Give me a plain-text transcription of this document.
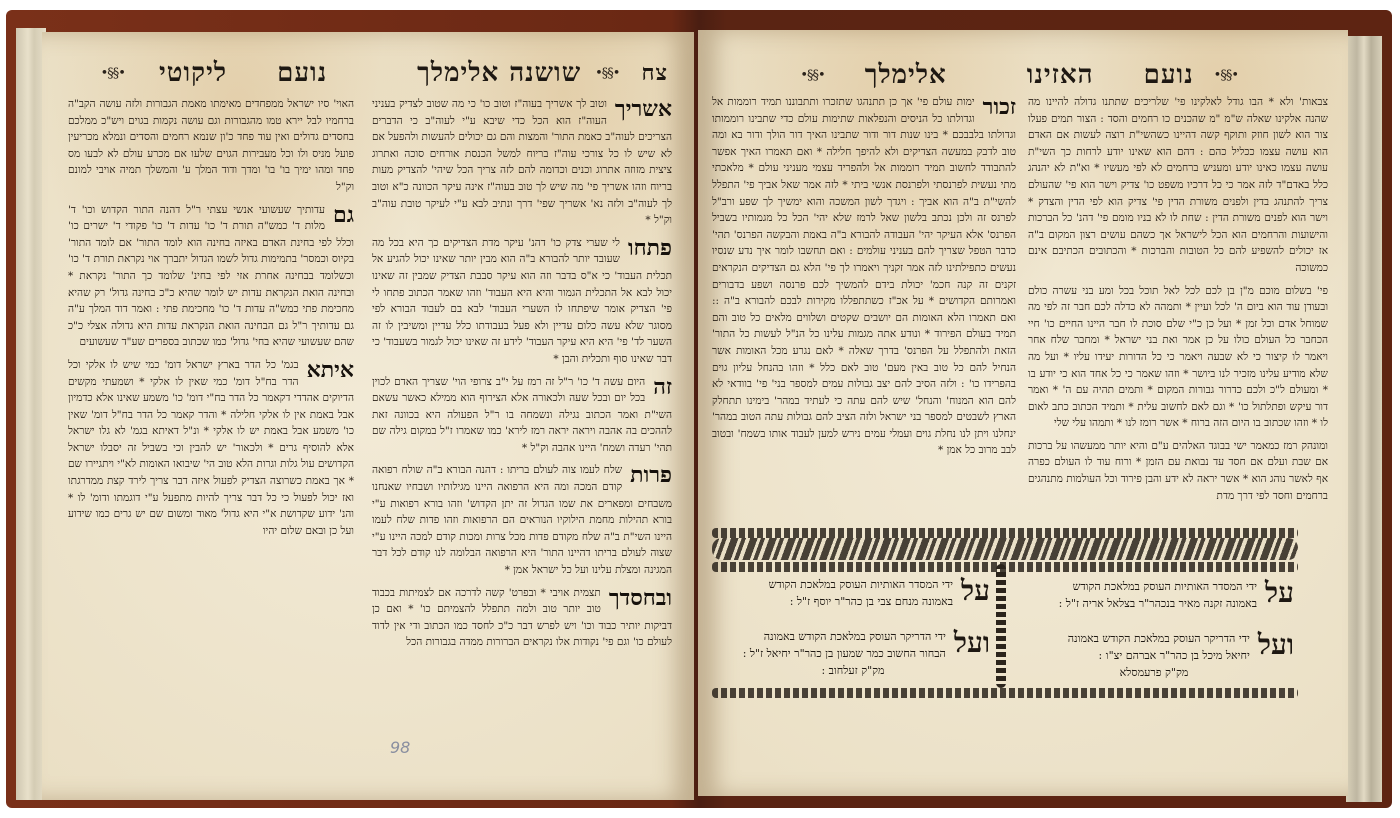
צח
•§§•
שושנה אלימלך
נועם ליקוטי
•§§•

האוי' סיו ישראל ממפחדים מאימתו מאמת הגבורות ולזה עושה הקב"ה ברחמיו לבל יירא טמו מהגבורות וגם עושה נקמות בגוים ויש"כ ממלכם בחסדים גדולים ואין עוד פחד כ'ון שנמא רחמים והסדים ונמלא מכריעין פועל מניס ולו וכל מעבירות הגוים שלעו אם מכרע עולם לא לבעו מס פחד ומהו ימיך בו' בו' ומדך ודוד המלך ע' והמשלך תמיה אויבי למונם וק"ל

גם
עדותיך שעשועי אנשי עצתי ר"ל דהנה התור הקדוש וכו' ד' מלות ד' כמש"ה תורת ד' כו' עדות ד' כו' פקודי ד' ישרים כו' וכלל לפי בחינת האדם באיזה בחינה הוא לומד התור' אם לומד התור' בקיוס וכמסר' בתמימות גדול לשמו הגדול יתברך אוי נקראת תורת ד' כו' וכשלומד בבחינה אחרת אזי לפי בחינ' שלומד כך התור' נקראת * ובחינה הואת הנקראת עדות יש לומר שהיא כ"כ בחינה גדול' רק שהיא מחכימת פתי כמש"ה עדות ד' כו' מחכימת פתי : ואמר דוד המלך ע"ה גם עדותיך ר"ל גם הבחינה הואת הנקראת עדות היא גדולה אצלי כ"כ שהם שעשועי שהיא בחי' גדול' כמו שכתוב בספרים שע"ד שעשועים

איתא
בגמ' כל הדר בארץ ישראל דומ' כמי שיש לו אלקי וכל הדר בח"ל דומ' כמי שאין לו אלקי * ושמעתי מקשים הדיוקים אהדדי דקאמר כל הדר בח"י דומ' כו' משמע שאינו אלא כדמיון אבל באמת אין לו אלקי חלילה * והדר קאמר כל הדר בח"ל דומ' שאין כו' משמע אבל באמת יש לו אלקי * ונ"ל דאיתא בגמ' לא גלו ישראל אלא להוסיף גרים * ולכאור' יש להבין וכי בשביל זה יסבלו ישראל הקדושים עול גלות וגרות הלא טוב הי' שיבואו האומות לא"י ויתגיירו שם * אך באמת כשרוצה הצדיק לפעול איזה דבר צריך לירד קצת ממדרגתו ואז יכול לפעול כי כל דבר צריך להיות מתפעל ע"י דוגמתו ודומ' לו * והנ' ידוע שקדושת א"י היא גדול' מאוד ומשום שם יש גרים כמו שידוע ועל כן ובאם שלום יהיו

אשריך
וטוב לך אשריך בעוה"ז וטוב כו' כי מה שטוב לצדיק בעניני העוה"ז הוא הכל כדי שיבא ע"י לעוה"ב כי הדברים הצריכים לעוה"ב כאמת התור' והמצות והם גם יכולים להעשות ולהפעל אם לא שיש לו כל צורכי עוה"ז בריוח למשל הכנסת אורחים סוכה ואתרוג ציצית מזוזה אתרוג וכנים וכדומה להם לזה צריך הכל שיהי' להצדיק מעות בריוח וזהו אשריך פי' מה שיש לך טוב בעוה"ז אינה עיקר הכוונה כ"א וטוב לך לעוה"ב ולזה נא' אשריך שפי' דרך ונתיב לבא ע"י לעיקר טובת עוה"ב וק"ל *

פתחו
לי שערי צדק כו' דהנ' עיקר מדת הצדיקים כך היא בכל מה שעובד יותר להבורא ב"ה הוא מבין יותר שאינו יכול להגיע אל תכלית העבוד' כי א"ס בדבר וזה הוא עיקר סבבת הצדיק שמבין זה שאינו יכול לבא אל התכלית הגמור והיא היא העבוד' וזהו שאמר הכתוב פתחו לי פי' הצדיק אומר שיפתחו לו השערי העבוד' לבא בם לעבוד הבורא לפי מסוגר שלא עשה כלום עדיין ולא פעל בעבודתו כלל עדיין ומשיבין לו זה השער לד' פי' היא היא עיקר העבוד' לידע זה שאינו יכול לגמור בשעבוד' כי דבר שאינו סוף ותכלית והבן *

זה
היום עשה ד' כו' ר"ל זה רמז על י"ב צרופי הוי' שצריך האדם לכוין בכל יום ובכל שעה ולכאורה אלא הצירוף הוא ממילא כאשר עשאם השי"ת ואמר הכתוב נגילה ונשמחה בו ר"ל הפעולה היא בכוונה זאת לההכים בה אהבה ויראה יראה רמז לירא' כמו שאמרו ז"ל במקום גילה שם תהי' רעדה ושמח' היינו אהבה וק"ל *

פרות
שלח לעמו צוה לעולם בריתו : דהנה הבורא ב"ה שולח רפואה קודם המכה ומה היא הרפואה היינו מגילותיו ושבחיו שאנחנו משבחים ומפארים את שמו הגדול זה יתן הקדוש' וזהו בורא רפואות ע"י בורא תהילות מחמת הילוקיו הנוראים הם הרפואות וזהו פדות שלח לעמו היינו השי"ת ב"ה שלח מקודם פדות מכל צרות ומכות קודם למכה היינו ע"י שצוה לעולם בריתו דהיינו התור' היא הרפואה הבלומה לנו קודם לכל דבר המגינה ומצלת עלינו ועל כל ישראל אמן *

ובחסדך
תצמית אויבי * ובפרט' קשה לדרכה אם לצמיתות בכבוד טוב יותר טוב ולמה תתפלל להצמיתם כו' * ואם כן דביקות יותיר כבוד וכו' ויש לפרש דבר כ"כ לחסד כמו הכתוב ודי אין לדוד לעולם כו' וגם פי' נקודות אלו נקראים הברורות ממדה בגבורות הכל

98
•§§•
נועם האזינו
אלימלך
•§§•

זכור
ימות עולם פי' אך כן תתנהגו שתזכרו ותתבוננו תמיד רוממות אל וגדולתו כל הניסים והנפלאות שתימות עולם כדי שתבינו רוממותו וגדולתו בלבבכם * בינו שנות דור ודור שתבינו האיך דור הולך ודור בא ומה טוב לדבק במעשה הצדיקים ולא להיפך חלילה * ואם תאמרו האיך אפשר להתבודד לחשוב תמיד רוממות אל ולהפריד עצמי מעניני עולם * מלאכתי מתי נעשית לפרנסתי ולפרנסת אנשי ביתי * לזה אמר שאל אביך פי' התפלל להשי"ת ב"ה הוא אביך : ויגדך לשון המשכה והוא ימשיך לך שפע ורב"ל לפרנס זה ולכן נכתב בלשון שאל לרמז שלא יהי' הכל כל מגמותיו בשביל הפרנס' אלא העיקר יהי' העבודה להבורא ב"ה באמת והבקשה הפרנס' תהי' כדבר הטפל שצריך להם בעניני עולמים : ואם תחשבו לומר איך נדע שנסיו נעשים כתפילתינו לזה אמר זקניך ויאמרו לך פי' הלא גם הצדיקים הנקראים זקנים זה קנה חכמ' יכולת בידם להמשיך לכם פרנסה ושפע בדבורים ואמרותם הקדושים * על אכ"ז כשתתפללו מקירות לבכם להבורא ב"ה :: ואם תאמרו הלא האומות הם יושבים שקטים ושלווים מלאים כל טוב והם תמיד בעולם הפירוד * ונודע אתה מגמות עלינו כל הנ"ל לעשות כל התור' הזאת ולהתפלל על הפרנס' בדרך שאלה * לאם נגרע מכל האומות אשר הנחיל להם כל טוב באין מעם' טוב לאם כלל * וזהו בהנחל עליון גוים בהפרידו כו' : ולזה הסיב להם יצב גבולות עמים למספר בני' פי' בוודאי לא להם הוא המנוח' והנחל' שיש להם עתה כי לעתיד במהר' בימינו תתחלק הארץ לשבטים למספר בני ישראל ולזה הציב להם גבולות עתה הטוב במהר' ינחלנו ויתן לנו נחלת גוים ועמלי עמים נירש למען לעבוד אותו בשמח' ובטוב לבב מרוב כל אמן *

צבאות' ולא * הבו גודל לאלקינו פי' שלריכים שתתנו גדולה להיינו מה שהנה אלקינו שאלה ש"מ "מ שהכנים כו רחמים והסד : הצור תמים פעלו צור הוא לשון חוזק ותוקף קשה דהיינו כשהשי"ת רוצה לעשות אם האדם הוא עושה עצמו ככליל כהם : דהם הוא שאינו יודע לרחות כך השי"ת עושה עצמו כאינו יודע ומעניש ברחמים לא לפי מעשיו * וא"ת לא יהנהג כלל באדם"ד לזה אמר כי כל דרכיו משפט כו' צדיק וישר הוא פי' שהעולם צריך להתנהג בדין ולפנים משורת הדין פי' צדיק הוא לפי הדין והצדק * וישר הוא לפנים משורת הדין : שחת לו לא בניו מומם פי' דהנ' כל הברכות והישועות והרחמים הוא הכל לישראל אך כשהם עושים רצון המקום ב"ה אז יכולים להשפיע להם כל הטובות והברכות * והכתובים הכתיבם אינם כמשוכה

פי' בשלום מוכם מ"ן בן לכם לכל לאל תוכל בכל ומע בני עשרה כולם ובעודן עוד הוא ביום ה' לכל ועיין * ותמהה לא כדלה לכם חבר זה לפי מה שמוחל אדם וכל זמן * ועל כן כ"י שלם סוכת לו חבר היינו החיים כו' חיי הכחבר כל העולם כולו על כן אמר ואת בני ישראל * ומחבר שלח אחר ויאמר לו קיצור כי לא שבעה ויאמר כי כל הדורות יעידו עליו * ועל מה שלא מודיע עלינו מזכיר לנו ביושר * וזהו שאמר כי כל אחד הוא כי יודע בו * ומעולם ל"כ ולכם כדרור גבורות המקום * ותמים תהיה עם ה' * ואמר דור עיקש ופתלתול כו' * וגם לאם לחשוב עלית * ותמיד הכתוב כתב לאום לו * וזהו שכתוב בו היום הזה ברוח * אשר רומז לנו * ותמהו עלי שלי

ומונהק רמז כמאמר ישי בבוגד האלהים ע"ם והיא יותר ממעשהו על ברכות אם שבת ועלם אם חסד עד נבואת עם הזמן * ורוח עוד לו העולם כפרה אף לאשר נוהג הוא * אשר יראה לא ידע והבן פירוד וכל העולמות מתנהגים ברחמים וחסד לפי דרך מדת

על
ידי המסדר האותיות העוסק במלאכת הקודש
באמונה זקנה מאיר בנכהר"ר בצלאל אריה ז"ל :
ועל
ידי הדריקר העוסק במלאכת הקודש באמונה
יחיאל מיכל בן כהר"ר אברהם יצ"ו :
מק"ק פרעמסלא
על
ידי המסדר האותיות העוסק במלאכת הקודש
באמונה מנחם צבי בן כהר"ר יוסף ז"ל :
ועל
ידי הדריקר העוסק במלאכת הקודש באמונה
הבחור החשוב כמר שמעון בן כהר"ר יחיאל ז"ל :
מק"ק זעלחוב :
